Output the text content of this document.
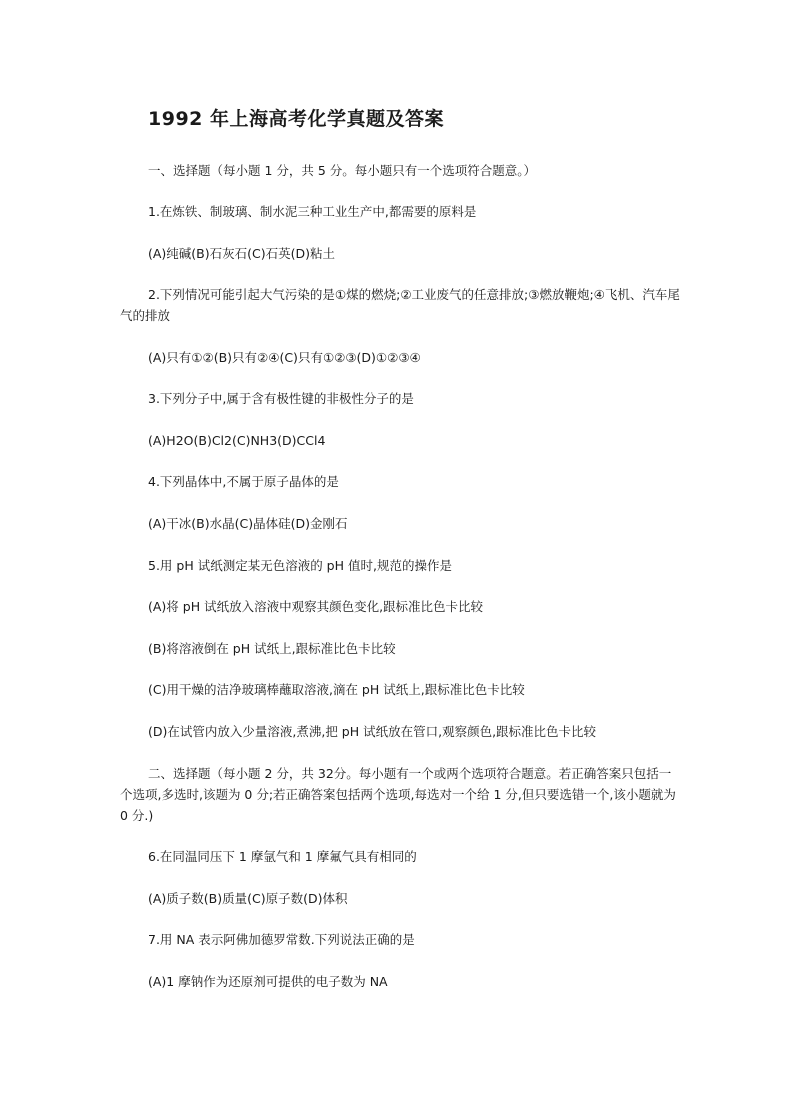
1992 年上海高考化学真题及答案
一、选择题（每小题 1 分，共 5 分。每小题只有一个选项符合题意。）
1.在炼铁、制玻璃、制水泥三种工业生产中,都需要的原料是
(A)纯碱(B)石灰石(C)石英(D)粘土
2.下列情况可能引起大气污染的是①煤的燃烧;②工业废气的任意排放;③燃放鞭炮;④飞机、汽车尾气的排放
(A)只有①②(B)只有②④(C)只有①②③(D)①②③④
3.下列分子中,属于含有极性键的非极性分子的是
(A)H2O(B)Cl2(C)NH3(D)CCl4
4.下列晶体中,不属于原子晶体的是
(A)干冰(B)水晶(C)晶体硅(D)金刚石
5.用 pH 试纸测定某无色溶液的 pH 值时,规范的操作是
(A)将 pH 试纸放入溶液中观察其颜色变化,跟标准比色卡比较
(B)将溶液倒在 pH 试纸上,跟标准比色卡比较
(C)用干燥的洁净玻璃棒蘸取溶液,滴在 pH 试纸上,跟标准比色卡比较
(D)在试管内放入少量溶液,煮沸,把 pH 试纸放在管口,观察颜色,跟标准比色卡比较
二、选择题（每小题 2 分，共 32分。每小题有一个或两个选项符合题意。若正确答案只包括一个选项,多选时,该题为 0 分;若正确答案包括两个选项,每选对一个给 1 分,但只要选错一个,该小题就为 0 分.)
6.在同温同压下 1 摩氩气和 1 摩氟气具有相同的
(A)质子数(B)质量(C)原子数(D)体积
7.用 NA 表示阿佛加德罗常数.下列说法正确的是
(A)1 摩钠作为还原剂可提供的电子数为 NA
